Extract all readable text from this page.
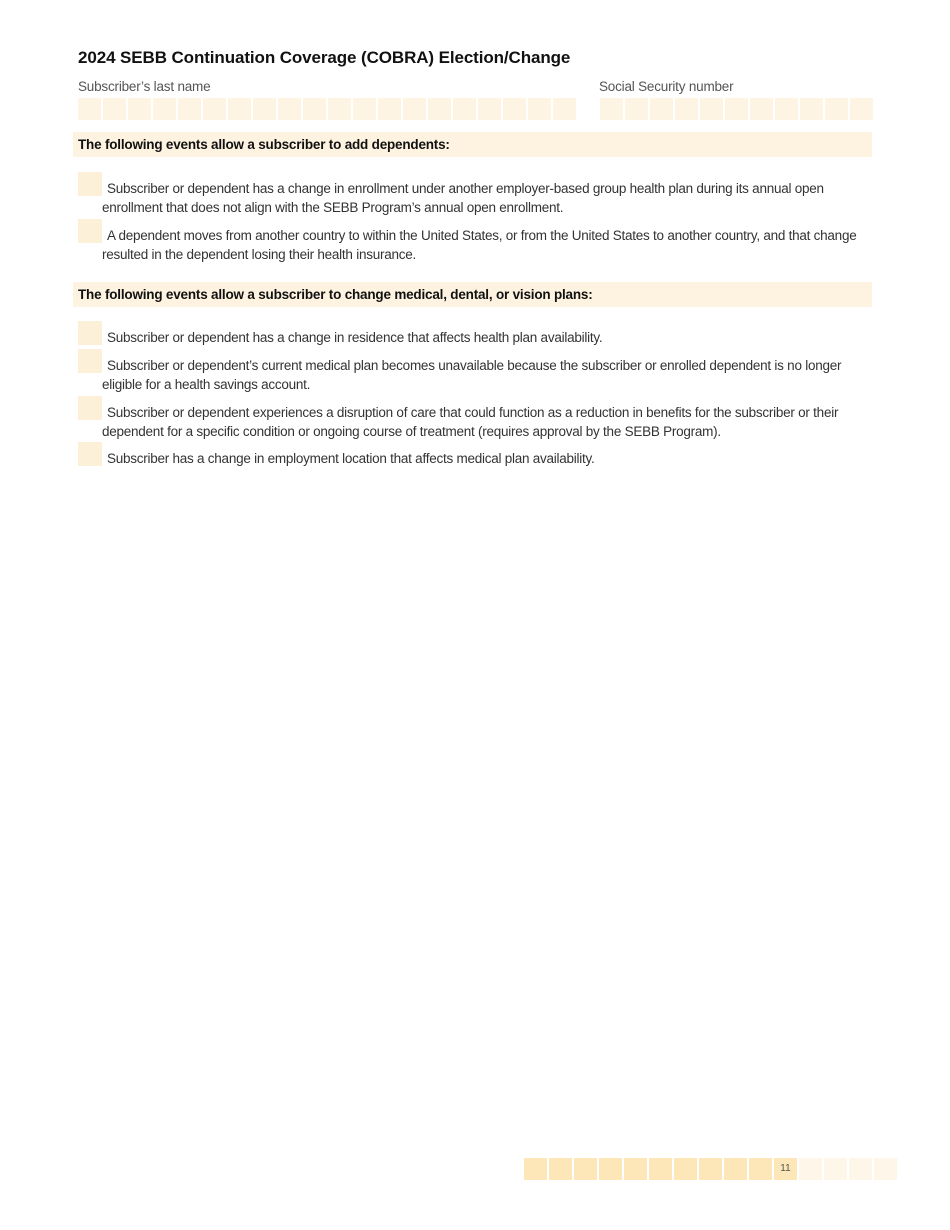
2024 SEBB Continuation Coverage (COBRA) Election/Change
Subscriber’s last name	Social Security number
The following events allow a subscriber to add dependents:
Subscriber or dependent has a change in enrollment under another employer-based group health plan during its annual open enrollment that does not align with the SEBB Program’s annual open enrollment.
A dependent moves from another country to within the United States, or from the United States to another country, and that change resulted in the dependent losing their health insurance.
The following events allow a subscriber to change medical, dental, or vision plans:
Subscriber or dependent has a change in residence that affects health plan availability.
Subscriber or dependent’s current medical plan becomes unavailable because the subscriber or enrolled dependent is no longer eligible for a health savings account.
Subscriber or dependent experiences a disruption of care that could function as a reduction in benefits for the subscriber or their dependent for a specific condition or ongoing course of treatment (requires approval by the SEBB Program).
Subscriber has a change in employment location that affects medical plan availability.
11
